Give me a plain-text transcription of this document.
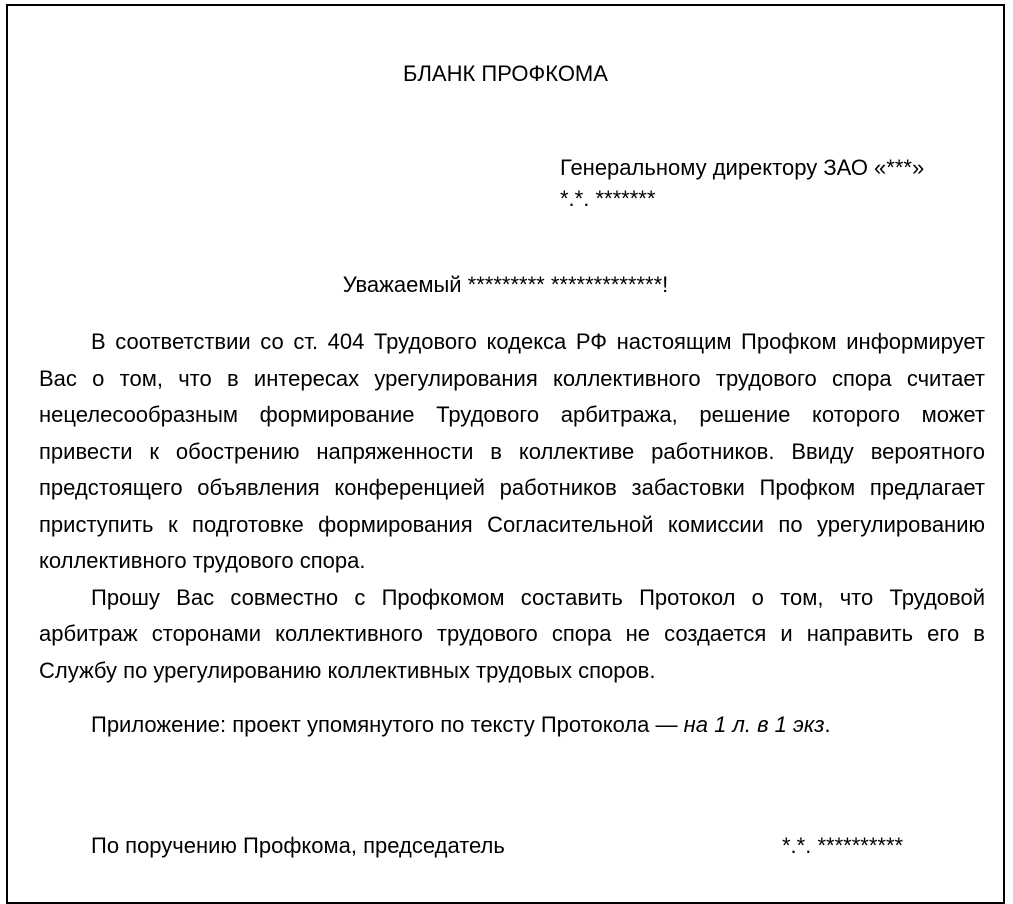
БЛАНК ПРОФКОМА
Генеральному директору ЗАО «***»
*.*. *******
Уважаемый ********* *************!

В соответствии со ст. 404 Трудового кодекса РФ настоящим Профком информирует Вас о том, что в интересах урегулирования коллективного трудового спора считает нецелесообразным формирование Трудового арбитража, решение которого может привести к обострению напряженности в коллективе работников. Ввиду вероятного предстоящего объявления конференцией работников забастовки Профком предлагает приступить к подготовке формирования Согласительной комиссии по урегулированию коллективного трудового спора.

Прошу Вас совместно с Профкомом составить Протокол о том, что Трудовой арбитраж сторонами коллективного трудового спора не создается и направить его в Службу по урегулированию коллективных трудовых споров.

Приложение: проект упомянутого по тексту Протокола — на 1 л. в 1 экз.
По поручению Профкома, председатель	*.*. **********
